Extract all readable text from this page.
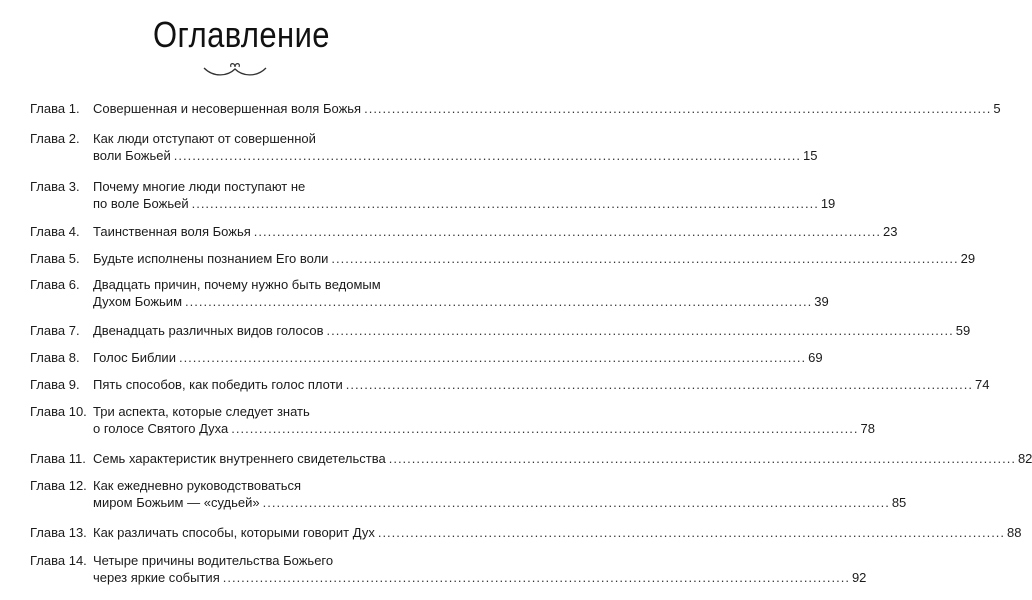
Оглавление
Глава 1.	Совершенная и несовершенная воля Божья ........................................................................................................................................ 5
Глава 2.	Как люди отступают от совершенной
воли Божьей ........................................................................................................................................ 15
Глава 3.	Почему многие люди поступают не
по воле Божьей ........................................................................................................................................ 19
Глава 4.	Таинственная воля Божья ........................................................................................................................................ 23
Глава 5.	Будьте исполнены познанием Его воли ........................................................................................................................................ 29
Глава 6.	Двадцать причин, почему нужно быть ведомым
Духом Божьим ........................................................................................................................................ 39
Глава 7.	Двенадцать различных видов голосов ........................................................................................................................................ 59
Глава 8.	Голос Библии ........................................................................................................................................ 69
Глава 9.	Пять способов, как победить голос плоти ........................................................................................................................................ 74
Глава 10. Три аспекта, которые следует знать
о голосе Святого Духа ........................................................................................................................................ 78
Глава 11. Семь характеристик внутреннего свидетельства ........................................................................................................................................ 82
Глава 12. Как ежедневно руководствоваться
миром Божьим — «судьей» ........................................................................................................................................ 85
Глава 13. Как различать способы, которыми говорит Дух ........................................................................................................................................ 88
Глава 14. Четыре причины водительства Божьего
через яркие события ........................................................................................................................................ 92
